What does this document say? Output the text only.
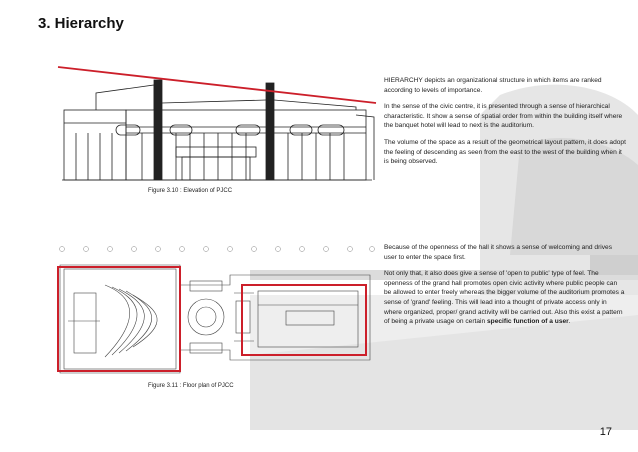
3. Hierarchy
Figure 3.10 : Elevation of PJCC
Figure 3.11 : Floor plan of PJCC

HIERARCHY depicts an organizational structure in which items are ranked according to levels of importance.

In the sense of the civic centre, it is presented through a sense of hierarchical characteristic. It show a sense of spatial order from within the building itself where the banquet hotel will lead to next is the auditorium.

The volume of the space as a result of the geometrical layout pattern, it does adopt the feeling of descending as seen from the east to the west of the building when it is being observed.

Because of the openness of the hall it shows a sense of welcoming and drives user to enter the space first.

Not only that, it also does give a sense of 'open to public' type of feel. The openness of the grand hall promotes open civic activity where public people can be allowed to enter freely whereas the bigger volume of the auditorium promotes a sense of 'grand' feeling. This will lead into a thought of private access only in where organized, proper/ grand activity will be carried out. Also this exist a pattern of being a private usage on certain specific function of a user.

17
